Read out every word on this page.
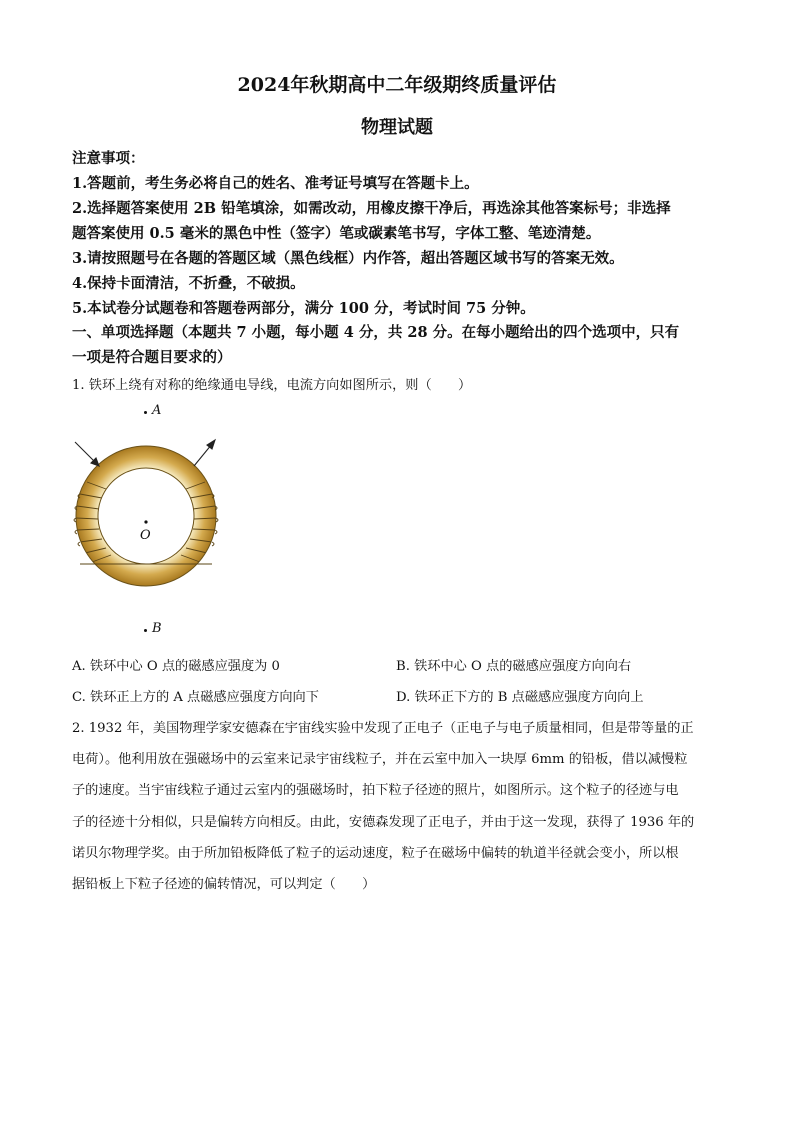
2024年秋期高中二年级期终质量评估
物理试题
注意事项：
1.答题前，考生务必将自己的姓名、准考证号填写在答题卡上。
2.选择题答案使用 2B 铅笔填涂，如需改动，用橡皮擦干净后，再选涂其他答案标号；非选择
题答案使用 0.5 毫米的黑色中性（签字）笔或碳素笔书写，字体工整、笔迹清楚。
3.请按照题号在各题的答题区域（黑色线框）内作答，超出答题区域书写的答案无效。
4.保持卡面清洁，不折叠，不破损。
5.本试卷分试题卷和答题卷两部分，满分 100 分，考试时间 75 分钟。
一、单项选择题（本题共 7 小题，每小题 4 分，共 28 分。在每小题给出的四个选项中，只有
一项是符合题目要求的）
1. 铁环上绕有对称的绝缘通电导线，电流方向如图所示，则（　　）
A
O
B
A. 铁环中心 O 点的磁感应强度为 0	B. 铁环中心 O 点的磁感应强度方向向右
C. 铁环正上方的 A 点磁感应强度方向向下	D. 铁环正下方的 B 点磁感应强度方向向上
2. 1932 年，美国物理学家安德森在宇宙线实验中发现了正电子（正电子与电子质量相同，但是带等量的正
电荷）。他利用放在强磁场中的云室来记录宇宙线粒子，并在云室中加入一块厚 6mm 的铅板，借以减慢粒
子的速度。当宇宙线粒子通过云室内的强磁场时，拍下粒子径迹的照片，如图所示。这个粒子的径迹与电
子的径迹十分相似，只是偏转方向相反。由此，安德森发现了正电子，并由于这一发现，获得了 1936 年的
诺贝尔物理学奖。由于所加铅板降低了粒子的运动速度，粒子在磁场中偏转的轨道半径就会变小，所以根
据铅板上下粒子径迹的偏转情况，可以判定（　　）
